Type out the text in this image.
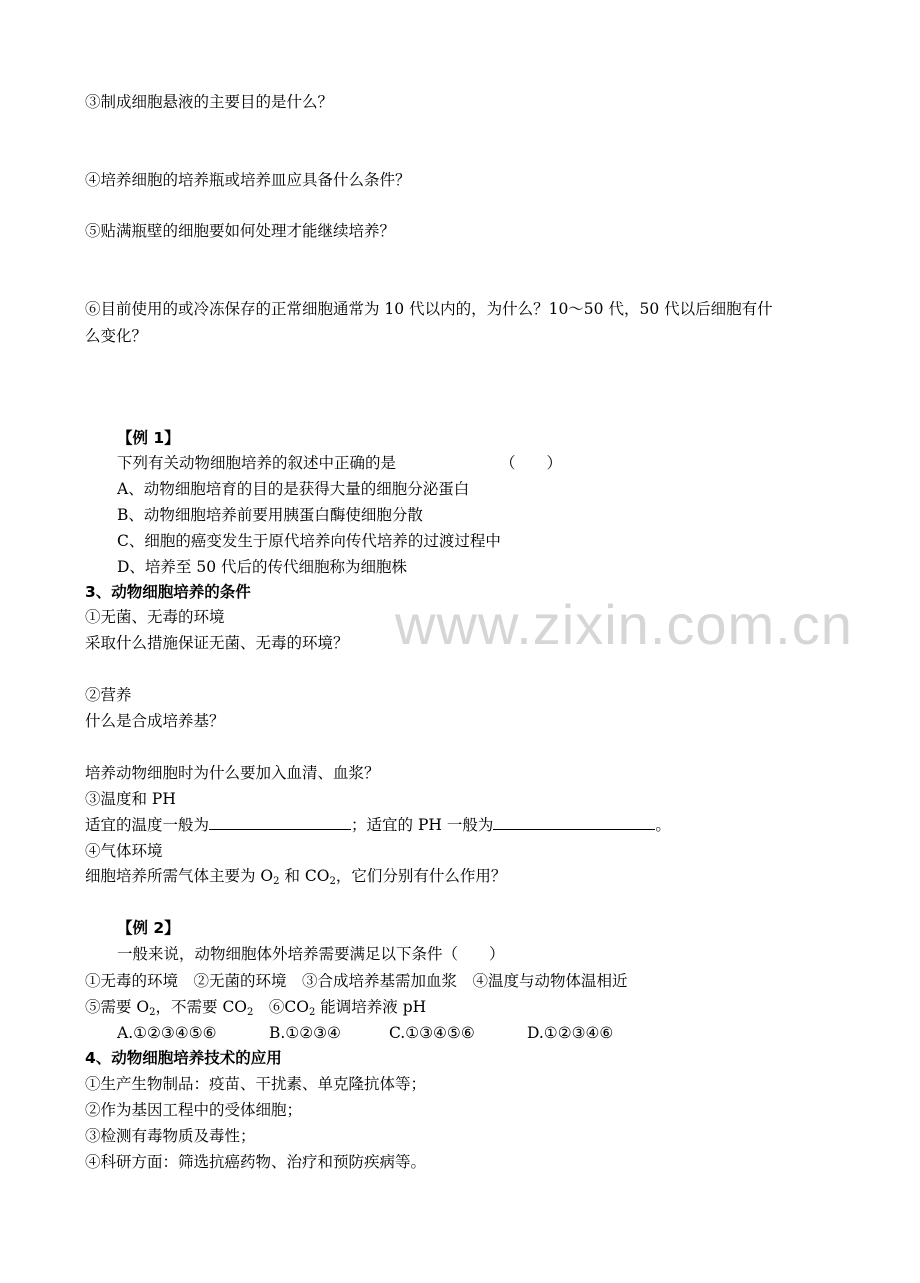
www.zixin.com.cn
③制成细胞悬液的主要目的是什么？
④培养细胞的培养瓶或培养皿应具备什么条件？
⑤贴满瓶壁的细胞要如何处理才能继续培养？
⑥目前使用的或冷冻保存的正常细胞通常为 10 代以内的，为什么？10～50 代，50 代以后细胞有什
么变化？
【例 1】
下列有关动物细胞培养的叙述中正确的是	（　　）
A、动物细胞培育的目的是获得大量的细胞分泌蛋白
B、动物细胞培养前要用胰蛋白酶使细胞分散
C、细胞的癌变发生于原代培养向传代培养的过渡过程中
D、培养至 50 代后的传代细胞称为细胞株
3、动物细胞培养的条件
①无菌、无毒的环境
采取什么措施保证无菌、无毒的环境？
②营养
什么是合成培养基？
培养动物细胞时为什么要加入血清、血浆？
③温度和 PH
适宜的温度一般为	；适宜的 PH 一般为	。
④气体环境
细胞培养所需气体主要为 $O_2$ 和 $CO_2$，它们分别有什么作用？
【例 2】
一般来说，动物细胞体外培养需要满足以下条件（　　）
①无毒的环境　②无菌的环境　③合成培养基需加血浆　④温度与动物体温相近
⑤需要 $O_2$，不需要 $CO_2$　$⑥CO_2$ 能调培养液 pH
A.①②③④⑤⑥	B.①②③④	C.①③④⑤⑥	D.①②③④⑥
4、动物细胞培养技术的应用
①生产生物制品：疫苗、干扰素、单克隆抗体等；
②作为基因工程中的受体细胞；
③检测有毒物质及毒性；
④科研方面：筛选抗癌药物、治疗和预防疾病等。
